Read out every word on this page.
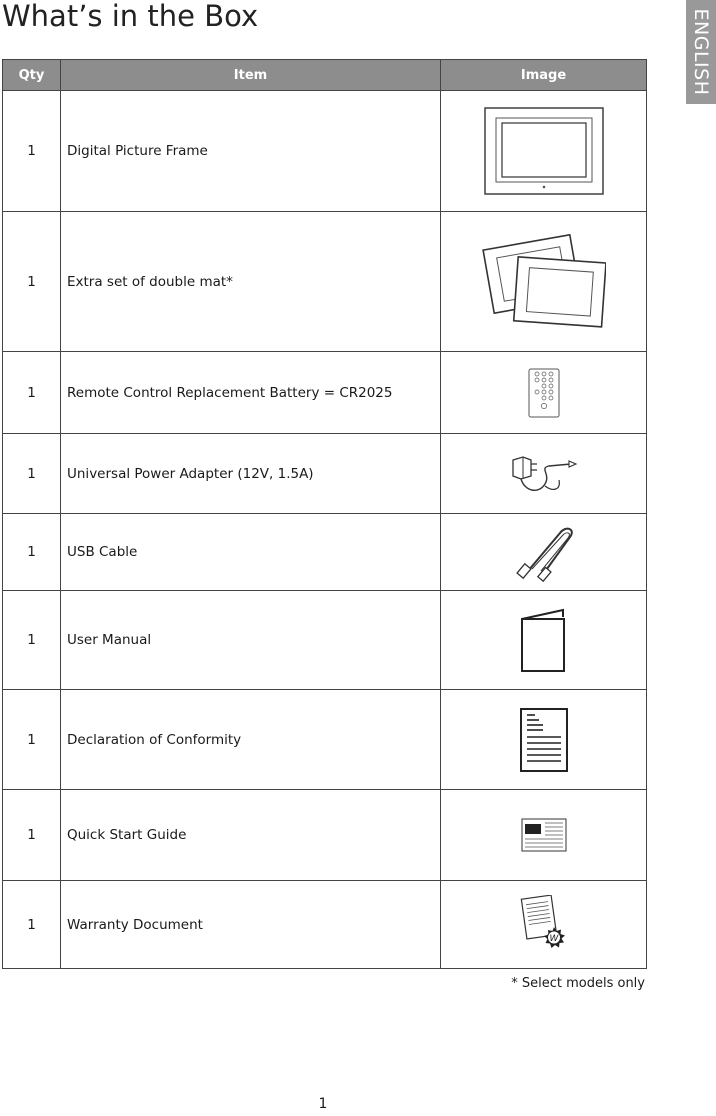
What’s in the Box	ENGLISH
Qty	Item	Image
1	Digital Picture Frame	

1	Extra set of double mat*	

1	Remote Control Replacement Battery = CR2025	

1	Universal Power Adapter (12V, 1.5A)	

1	USB Cable	

1	User Manual	

1	Declaration of Conformity	

1	Quick Start Guide	

1	Warranty Document	W
* Select models only
1
